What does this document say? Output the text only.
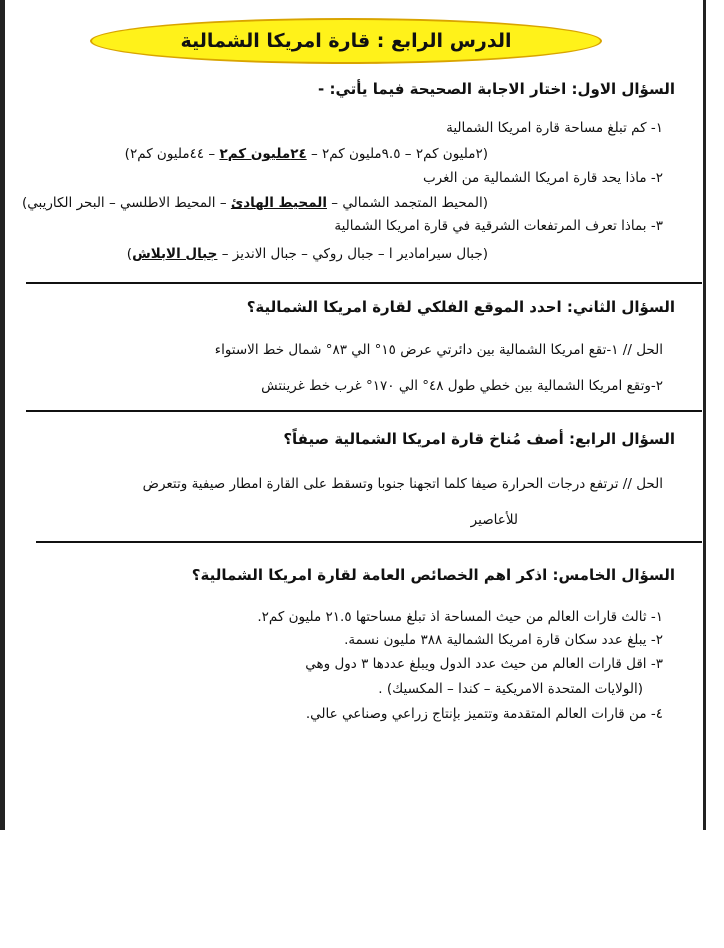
الدرس الرابع : قارة امريكا الشمالية
السؤال الاول: اختار الاجابة الصحيحة فيما يأتي: -
١- كم تبلغ مساحة قارة امريكا الشمالية
(٢مليون كم٢ – ٩.٥مليون كم٢ – ٢٤مليون كم٢ – ٤٤مليون كم٢)
٢- ماذا يحد قارة امريكا الشمالية من الغرب
(المحيط المتجمد الشمالي – المحيط الهادئ – المحيط الاطلسي – البحر الكاريبي)
٣- بماذا تعرف المرتفعات الشرقية في قارة امريكا الشمالية
(جبال سيرامادير ا – جبال روكي – جبال الانديز – جبال الابلاش)
السؤال الثاني: احدد الموقع الفلكي لقارة امريكا الشمالية؟
الحل // ١-تقع امريكا الشمالية بين دائرتي عرض ١٥° الي ٨٣° شمال خط الاستواء
٢-وتقع امريكا الشمالية بين خطي طول ٤٨° الي ١٧٠° غرب خط غرينتش
السؤال الرابع: أصف مُناخ قارة امريكا الشمالية صيفاً؟
الحل // ترتفع درجات الحرارة صيفا كلما اتجهنا جنوبا وتسقط على القارة امطار صيفية وتتعرض
للأعاصير
السؤال الخامس: اذكر اهم الخصائص العامة لقارة امريكا الشمالية؟
١- ثالث قارات العالم من حيث المساحة اذ تبلغ مساحتها ٢١.٥ مليون كم٢.
٢- يبلغ عدد سكان قارة امريكا الشمالية ٣٨٨ مليون نسمة.
٣- اقل قارات العالم من حيث عدد الدول ويبلغ عددها ٣ دول وهي
(الولايات المتحدة الامريكية – كندا – المكسيك) .
٤- من قارات العالم المتقدمة وتتميز بإنتاج زراعي وصناعي عالي.
